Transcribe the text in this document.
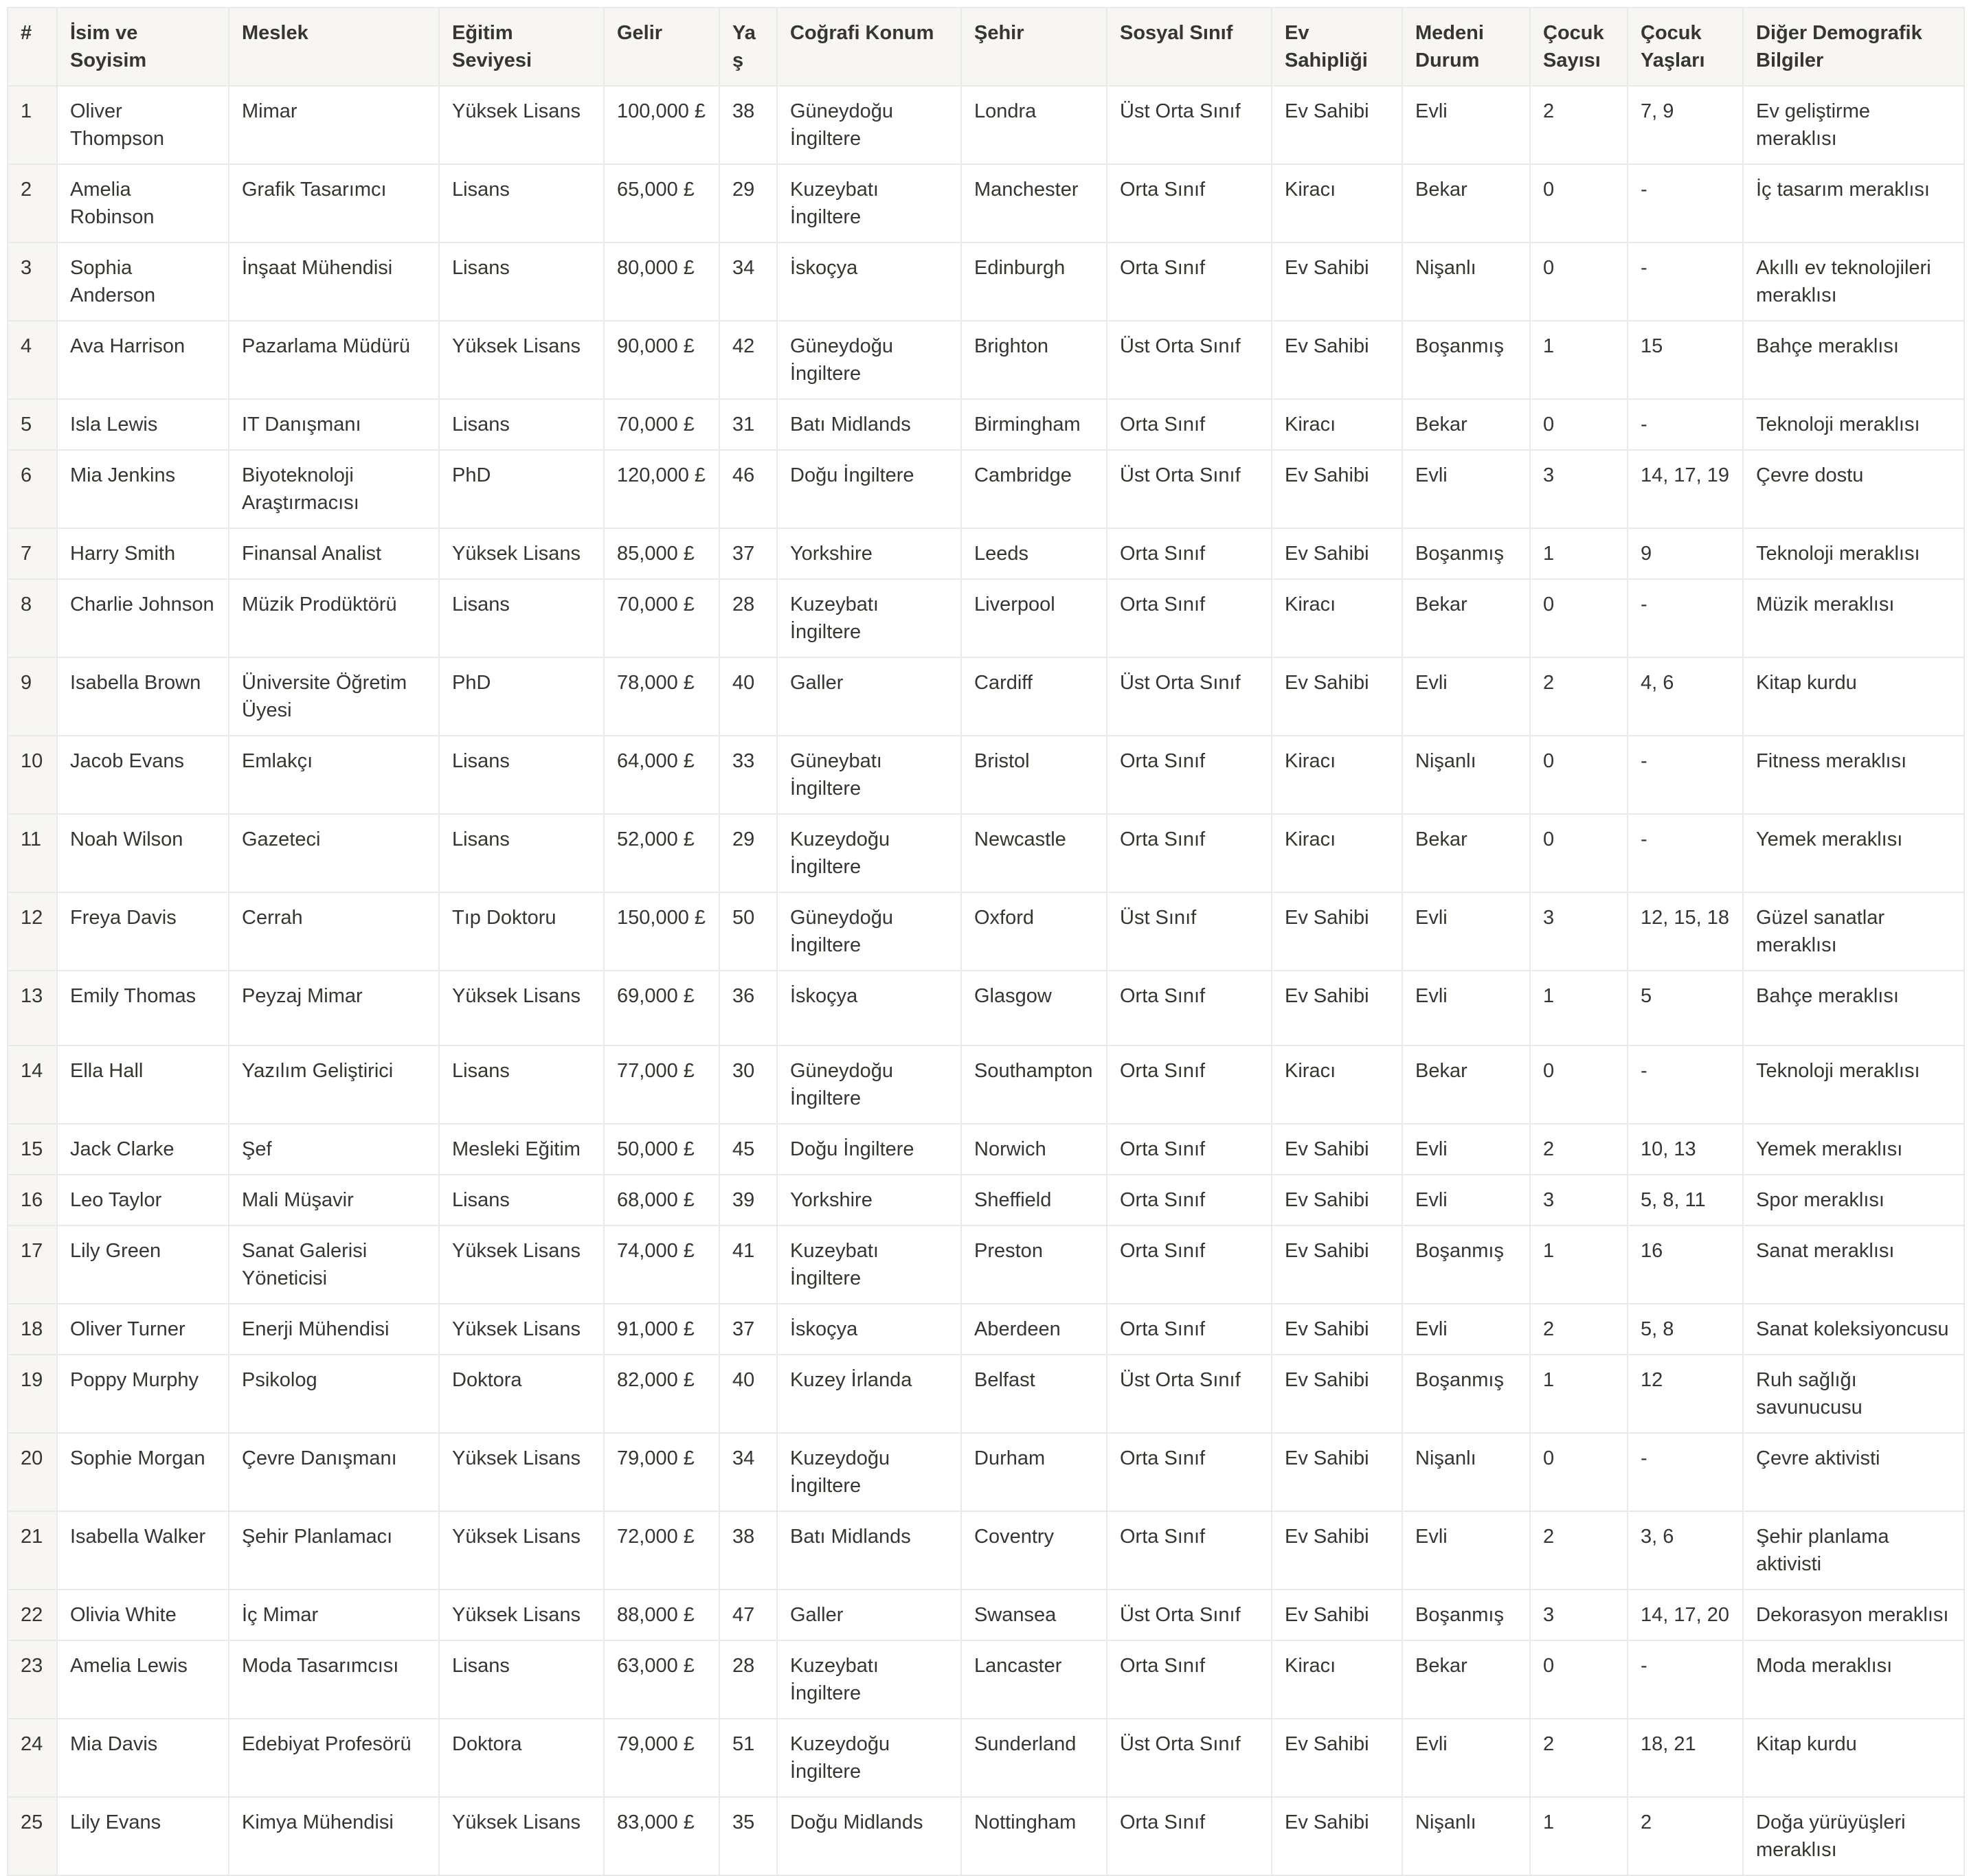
#	İsim ve Soyisim	Meslek	Eğitim Seviyesi	Gelir	Yaş	Coğrafi Konum	Şehir	Sosyal Sınıf	Ev Sahipliği	Medeni Durum	Çocuk Sayısı	Çocuk Yaşları	Diğer Demografik Bilgiler
1	Oliver Thompson	Mimar	Yüksek Lisans	100,000 £	38	Güneydoğu İngiltere	Londra	Üst Orta Sınıf	Ev Sahibi	Evli	2	7, 9	Ev geliştirme meraklısı
2	Amelia Robinson	Grafik Tasarımcı	Lisans	65,000 £	29	Kuzeybatı İngiltere	Manchester	Orta Sınıf	Kiracı	Bekar	0	-	İç tasarım meraklısı
3	Sophia Anderson	İnşaat Mühendisi	Lisans	80,000 £	34	İskoçya	Edinburgh	Orta Sınıf	Ev Sahibi	Nişanlı	0	-	Akıllı ev teknolojileri meraklısı
4	Ava Harrison	Pazarlama Müdürü	Yüksek Lisans	90,000 £	42	Güneydoğu İngiltere	Brighton	Üst Orta Sınıf	Ev Sahibi	Boşanmış	1	15	Bahçe meraklısı
5	Isla Lewis	IT Danışmanı	Lisans	70,000 £	31	Batı Midlands	Birmingham	Orta Sınıf	Kiracı	Bekar	0	-	Teknoloji meraklısı
6	Mia Jenkins	Biyoteknoloji Araştırmacısı	PhD	120,000 £	46	Doğu İngiltere	Cambridge	Üst Orta Sınıf	Ev Sahibi	Evli	3	14, 17, 19	Çevre dostu
7	Harry Smith	Finansal Analist	Yüksek Lisans	85,000 £	37	Yorkshire	Leeds	Orta Sınıf	Ev Sahibi	Boşanmış	1	9	Teknoloji meraklısı
8	Charlie Johnson	Müzik Prodüktörü	Lisans	70,000 £	28	Kuzeybatı İngiltere	Liverpool	Orta Sınıf	Kiracı	Bekar	0	-	Müzik meraklısı
9	Isabella Brown	Üniversite Öğretim Üyesi	PhD	78,000 £	40	Galler	Cardiff	Üst Orta Sınıf	Ev Sahibi	Evli	2	4, 6	Kitap kurdu
10	Jacob Evans	Emlakçı	Lisans	64,000 £	33	Güneybatı İngiltere	Bristol	Orta Sınıf	Kiracı	Nişanlı	0	-	Fitness meraklısı
11	Noah Wilson	Gazeteci	Lisans	52,000 £	29	Kuzeydoğu İngiltere	Newcastle	Orta Sınıf	Kiracı	Bekar	0	-	Yemek meraklısı
12	Freya Davis	Cerrah	Tıp Doktoru	150,000 £	50	Güneydoğu İngiltere	Oxford	Üst Sınıf	Ev Sahibi	Evli	3	12, 15, 18	Güzel sanatlar meraklısı
13	Emily Thomas	Peyzaj Mimar	Yüksek Lisans	69,000 £	36	İskoçya	Glasgow	Orta Sınıf	Ev Sahibi	Evli	1	5	Bahçe meraklısı
14	Ella Hall	Yazılım Geliştirici	Lisans	77,000 £	30	Güneydoğu İngiltere	Southampton	Orta Sınıf	Kiracı	Bekar	0	-	Teknoloji meraklısı
15	Jack Clarke	Şef	Mesleki Eğitim	50,000 £	45	Doğu İngiltere	Norwich	Orta Sınıf	Ev Sahibi	Evli	2	10, 13	Yemek meraklısı
16	Leo Taylor	Mali Müşavir	Lisans	68,000 £	39	Yorkshire	Sheffield	Orta Sınıf	Ev Sahibi	Evli	3	5, 8, 11	Spor meraklısı
17	Lily Green	Sanat Galerisi Yöneticisi	Yüksek Lisans	74,000 £	41	Kuzeybatı İngiltere	Preston	Orta Sınıf	Ev Sahibi	Boşanmış	1	16	Sanat meraklısı
18	Oliver Turner	Enerji Mühendisi	Yüksek Lisans	91,000 £	37	İskoçya	Aberdeen	Orta Sınıf	Ev Sahibi	Evli	2	5, 8	Sanat koleksiyoncusu
19	Poppy Murphy	Psikolog	Doktora	82,000 £	40	Kuzey İrlanda	Belfast	Üst Orta Sınıf	Ev Sahibi	Boşanmış	1	12	Ruh sağlığı savunucusu
20	Sophie Morgan	Çevre Danışmanı	Yüksek Lisans	79,000 £	34	Kuzeydoğu İngiltere	Durham	Orta Sınıf	Ev Sahibi	Nişanlı	0	-	Çevre aktivisti
21	Isabella Walker	Şehir Planlamacı	Yüksek Lisans	72,000 £	38	Batı Midlands	Coventry	Orta Sınıf	Ev Sahibi	Evli	2	3, 6	Şehir planlama aktivisti
22	Olivia White	İç Mimar	Yüksek Lisans	88,000 £	47	Galler	Swansea	Üst Orta Sınıf	Ev Sahibi	Boşanmış	3	14, 17, 20	Dekorasyon meraklısı
23	Amelia Lewis	Moda Tasarımcısı	Lisans	63,000 £	28	Kuzeybatı İngiltere	Lancaster	Orta Sınıf	Kiracı	Bekar	0	-	Moda meraklısı
24	Mia Davis	Edebiyat Profesörü	Doktora	79,000 £	51	Kuzeydoğu İngiltere	Sunderland	Üst Orta Sınıf	Ev Sahibi	Evli	2	18, 21	Kitap kurdu
25	Lily Evans	Kimya Mühendisi	Yüksek Lisans	83,000 £	35	Doğu Midlands	Nottingham	Orta Sınıf	Ev Sahibi	Nişanlı	1	2	Doğa yürüyüşleri meraklısı
